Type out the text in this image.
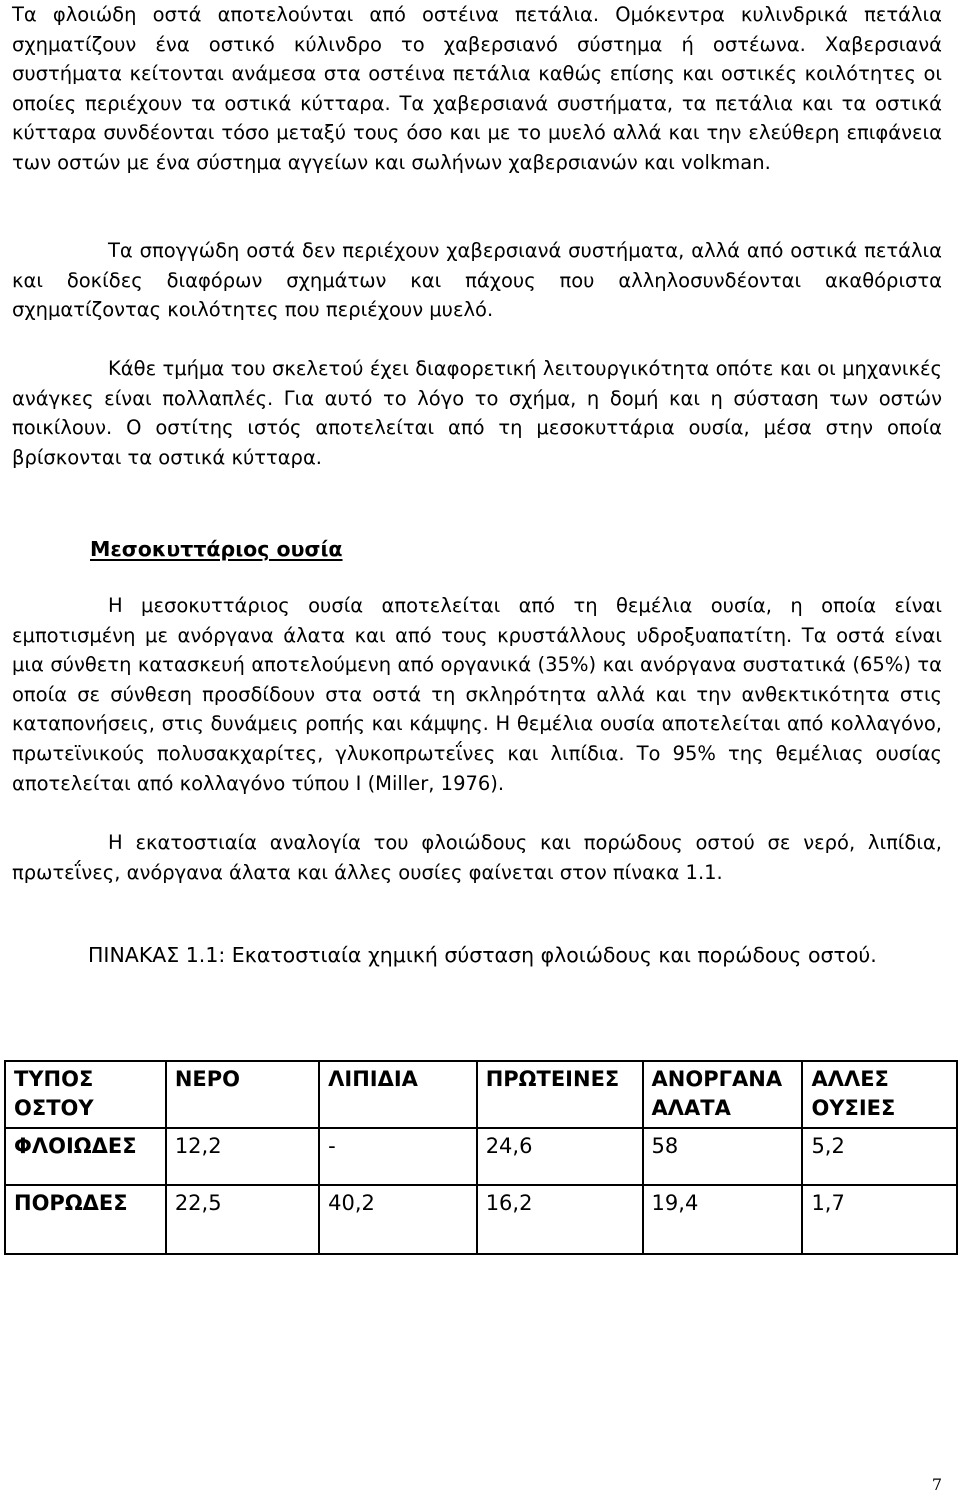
Τα φλοιώδη οστά αποτελούνται από οστέινα πετάλια. Ομόκεντρα κυλινδρικά πετάλια σχηματίζουν ένα οστικό κύλινδρο το χαβερσιανό σύστημα ή οστέωνα. Χαβερσιανά συστήματα κείτονται ανάμεσα στα οστέινα πετάλια καθώς επίσης και οστικές κοιλότητες οι οποίες περιέχουν τα οστικά κύτταρα. Τα χαβερσιανά συστήματα, τα πετάλια και τα οστικά κύτταρα συνδέονται τόσο μεταξύ τους όσο και με το μυελό αλλά και την ελεύθερη επιφάνεια των οστών με ένα σύστημα αγγείων και σωλήνων χαβερσιανών και volkman.

Τα σπογγώδη οστά δεν περιέχουν χαβερσιανά συστήματα, αλλά από οστικά πετάλια και δοκίδες διαφόρων σχημάτων και πάχους που αλληλοσυνδέονται ακαθόριστα σχηματίζοντας κοιλότητες που περιέχουν μυελό.

Κάθε τμήμα του σκελετού έχει διαφορετική λειτουργικότητα οπότε και οι μηχανικές ανάγκες είναι πολλαπλές. Για αυτό το λόγο το σχήμα, η δομή και η σύσταση των οστών ποικίλουν. Ο οστίτης ιστός αποτελείται από τη μεσοκυττάρια ουσία, μέσα στην οποία βρίσκονται τα οστικά κύτταρα.

Μεσοκυττάριος ουσία

Η μεσοκυττάριος ουσία αποτελείται από τη θεμέλια ουσία, η οποία είναι εμποτισμένη με ανόργανα άλατα και από τους κρυστάλλους υδροξυαπατίτη. Τα οστά είναι μια σύνθετη κατασκευή αποτελούμενη από οργανικά (35%) και ανόργανα συστατικά (65%) τα οποία σε σύνθεση προσδίδουν στα οστά τη σκληρότητα αλλά και την ανθεκτικότητα στις καταπονήσεις, στις δυνάμεις ροπής και κάμψης. Η θεμέλια ουσία αποτελείται από κολλαγόνο, πρωτεϊνικούς πολυσακχαρίτες, γλυκοπρωτεΐνες και λιπίδια. Το 95% της θεμέλιας ουσίας αποτελείται από κολλαγόνο τύπου I (Miller, 1976).

Η εκατοστιαία αναλογία του φλοιώδους και πορώδους οστού σε νερό, λιπίδια, πρωτεΐνες, ανόργανα άλατα και άλλες ουσίες φαίνεται στον πίνακα 1.1.

ΠΙΝΑΚΑΣ 1.1: Εκατοστιαία χημική σύσταση φλοιώδους και πορώδους οστού.

ΤΥΠΟΣ ΟΣΤΟΥ	ΝΕΡΟ	ΛΙΠΙΔΙΑ	ΠΡΩΤΕΙΝΕΣ	ΑΝΟΡΓΑΝΑ ΑΛΑΤΑ	ΑΛΛΕΣ ΟΥΣΙΕΣ
ΦΛΟΙΩΔΕΣ	12,2	-	24,6	58	5,2
ΠΟΡΩΔΕΣ	22,5	40,2	16,2	19,4	1,7

7
